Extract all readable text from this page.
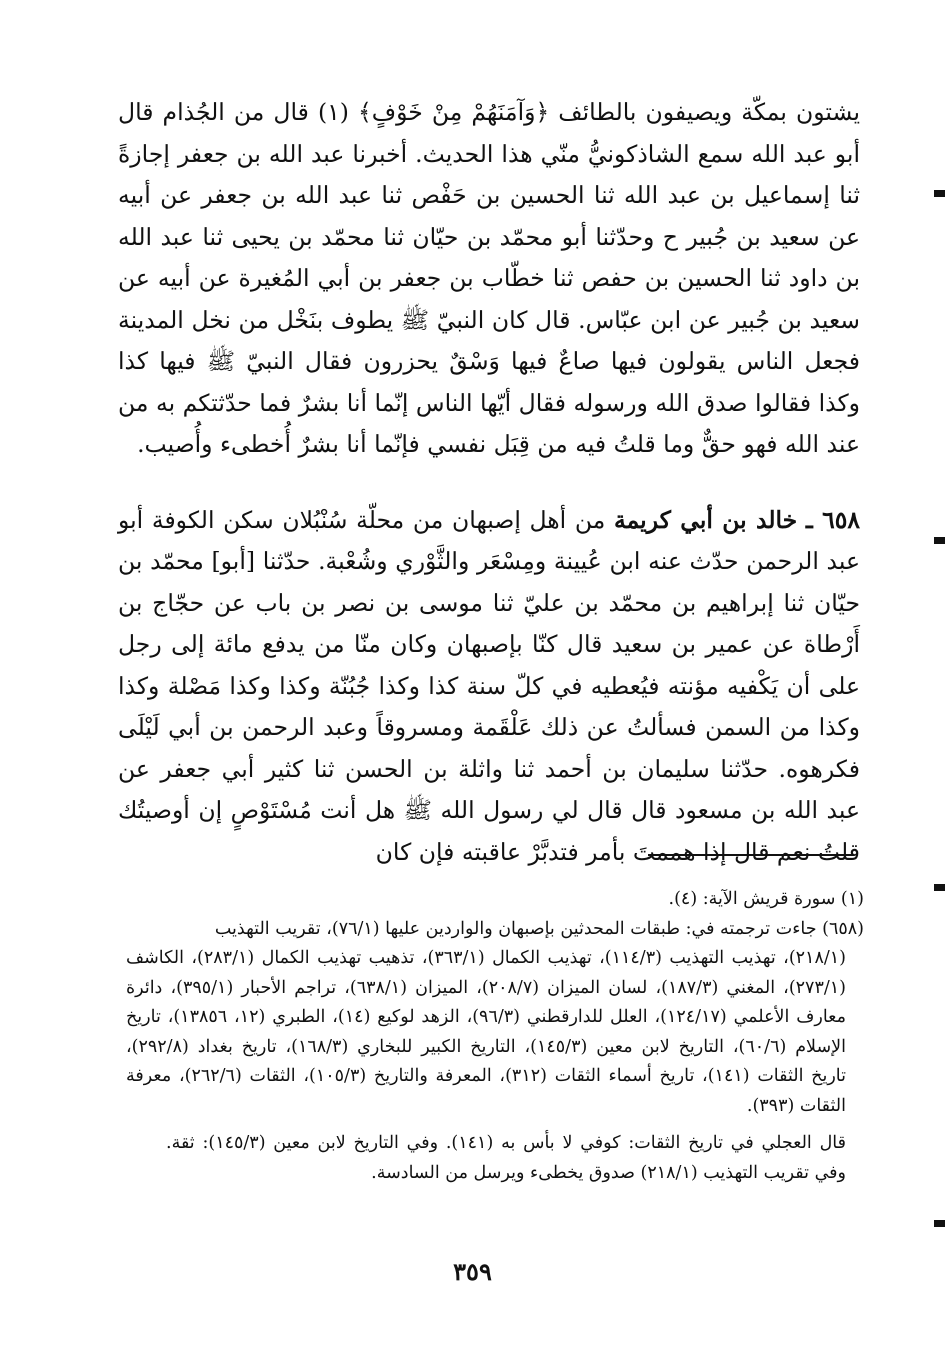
يشتون بمكّة ويصيفون بالطائف ﴿وَآمَنَهُمْ مِنْ خَوْفٍ﴾ (١) قال من الجُذام قال أبو عبد الله سمع الشاذكونيُّ منّي هذا الحديث. أخبرنا عبد الله بن جعفر إجازةً ثنا إسماعيل بن عبد الله ثنا الحسين بن حَفْص ثنا عبد الله بن جعفر عن أبيه عن سعيد بن جُبير ح وحدّثنا أبو محمّد بن حيّان ثنا محمّد بن يحيى ثنا عبد الله بن داود ثنا الحسين بن حفص ثنا خطّاب بن جعفر بن أبي المُغيرة عن أبيه عن سعيد بن جُبير عن ابن عبّاس. قال كان النبيّ ﷺ يطوف بنَخْل من نخل المدينة فجعل الناس يقولون فيها صاعٌ فيها وَسْقٌ يحزرون فقال النبيّ ﷺ فيها كذا وكذا فقالوا صدق الله ورسوله فقال أيّها الناس إنّما أنا بشرٌ فما حدّثتكم به من عند الله فهو حقٌّ وما قلتُ فيه من قِبَل نفسي فإنّما أنا بشرٌ أُخطىء وأُصيب.

٦٥٨ ـ خالد بن أبي كريمة من أهل إصبهان من محلّة سُنْبُلان سكن الكوفة أبو عبد الرحمن حدّث عنه ابن عُيينة ومِسْعَر والثَّوْري وشُعْبة. حدّثنا [أبو] محمّد بن حيّان ثنا إبراهيم بن محمّد بن عليّ ثنا موسى بن نصر بن باب عن حجّاج بن أَرْطاة عن عمير بن سعيد قال كنّا بإصبهان وكان منّا من يدفع مائة إلى رجل على أن يَكْفيه مؤنته فيُعطيه في كلّ سنة كذا وكذا جُبُنّة وكذا وكذا مَصْلة وكذا وكذا من السمن فسألتُ عن ذلك عَلْقَمة ومسروقاً وعبد الرحمن بن أبي لَيْلَى فكرهوه. حدّثنا سليمان بن أحمد ثنا واثلة بن الحسن ثنا كثير أبي جعفر عن عبد الله بن مسعود قال قال لي رسول الله ﷺ هل أنت مُسْتَوْصٍ إن أوصيتُك قلتُ نعم قال إذا هممتَ بأمر فتدبَّرْ عاقبته فإن كان

(١) سورة قريش الآية: (٤).

(٦٥٨) جاءت ترجمته في: طبقات المحدثين بإصبهان والواردين عليها (٧٦/١)، تقريب التهذيب

(٢١٨/١)، تهذيب التهذيب (١١٤/٣)، تهذيب الكمال (٣٦٣/١)، تذهيب تهذيب الكمال (٢٨٣/١)، الكاشف (٢٧٣/١)، المغني (١٨٧/٣)، لسان الميزان (٢٠٨/٧)، الميزان (٦٣٨/١)، تراجم الأحبار (٣٩٥/١)، دائرة معارف الأعلمي (١٢٤/١٧)، العلل للدارقطني (٩٦/٣)، الزهد لوكيع (١٤)، الطبري (١٢، ١٣٨٥٦)، تاريخ الإسلام (٦٠/٦)، التاريخ لابن معين (١٤٥/٣)، التاريخ الكبير للبخاري (١٦٨/٣)، تاريخ بغداد (٢٩٢/٨)، تاريخ الثقات (١٤١)، تاريخ أسماء الثقات (٣١٢)، المعرفة والتاريخ (١٠٥/٣)، الثقات (٢٦٢/٦)، معرفة الثقات (٣٩٣).

قال العجلي في تاريخ الثقات: كوفي لا بأس به (١٤١). وفي التاريخ لابن معين (١٤٥/٣): ثقة. وفي تقريب التهذيب (٢١٨/١) صدوق يخطىء ويرسل من السادسة.

٣٥٩
